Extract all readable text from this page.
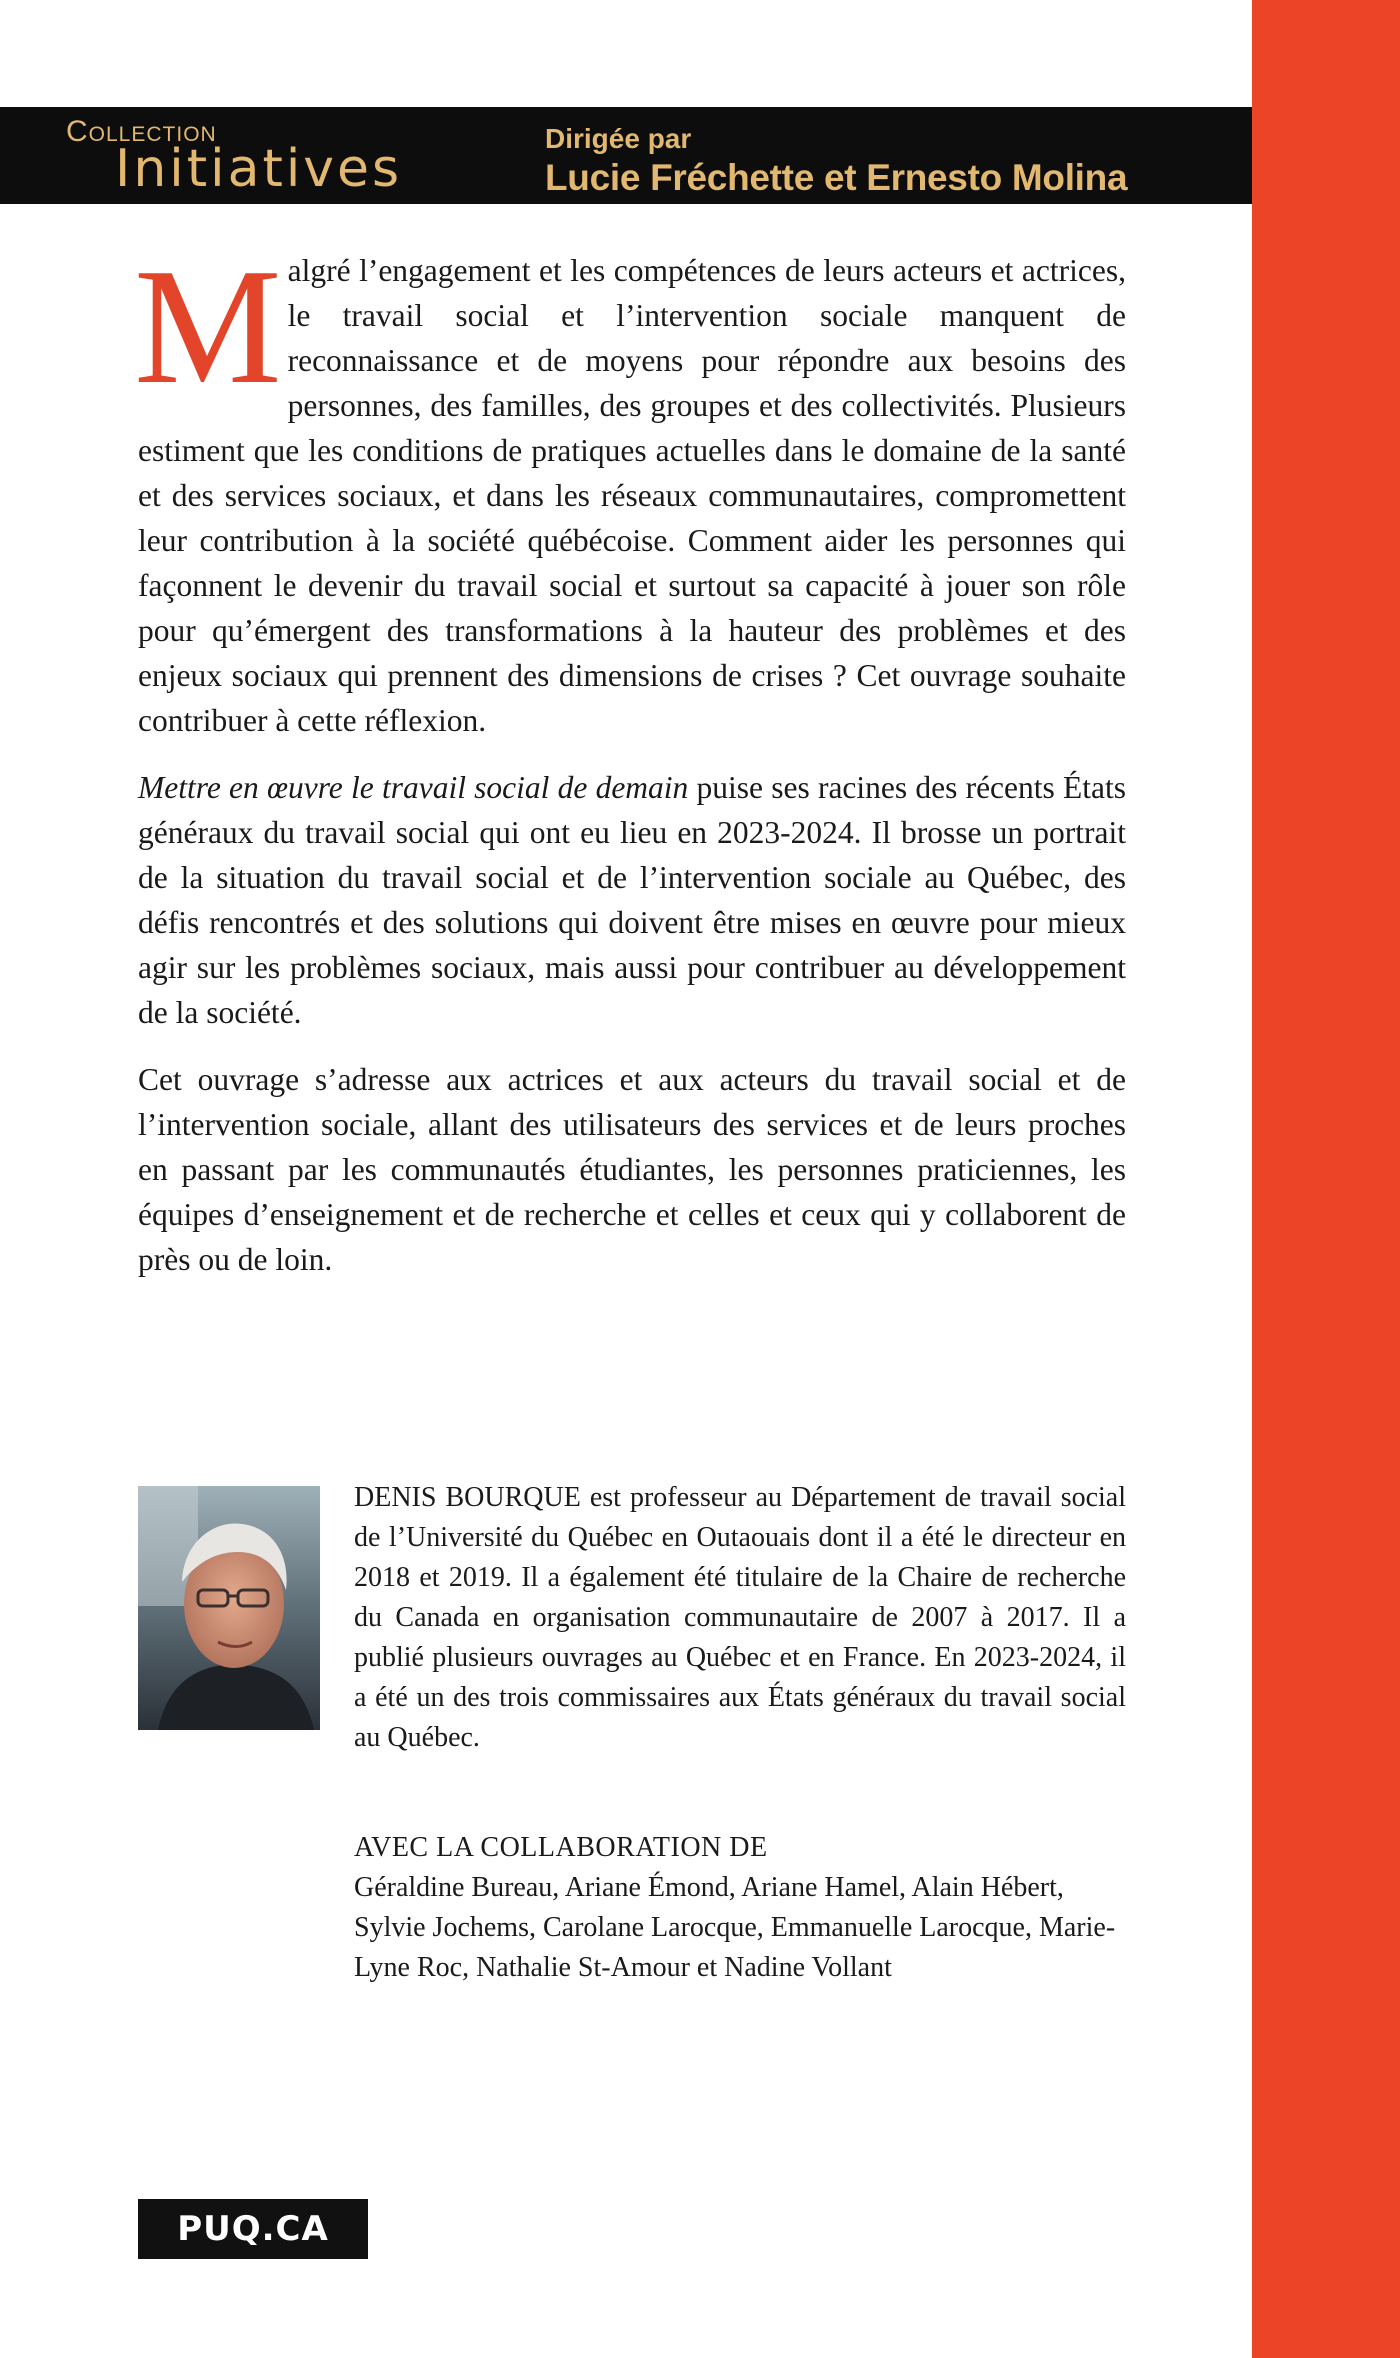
Collection
Initiatives
Dirigée par
Lucie Fréchette et Ernesto Molina

M algré l’engagement et les compétences de leurs acteurs et actrices, le travail social et l’intervention sociale manquent de reconnaissance et de moyens pour répondre aux besoins des personnes, des familles, des groupes et des collectivités. Plusieurs estiment que les conditions de pratiques actuelles dans le domaine de la santé et des services sociaux, et dans les réseaux communautaires, compromettent leur contribution à la société québécoise. Comment aider les personnes qui façonnent le devenir du travail social et surtout sa capacité à jouer son rôle pour qu’émergent des transformations à la hauteur des problèmes et des enjeux sociaux qui prennent des dimensions de crises ? Cet ouvrage souhaite contribuer à cette réflexion.

Mettre en œuvre le travail social de demain puise ses racines des récents États généraux du travail social qui ont eu lieu en 2023-2024. Il brosse un portrait de la situation du travail social et de l’intervention sociale au Québec, des défis rencontrés et des solutions qui doivent être mises en œuvre pour mieux agir sur les problèmes sociaux, mais aussi pour contribuer au développement de la société.

Cet ouvrage s’adresse aux actrices et aux acteurs du travail social et de l’intervention sociale, allant des utilisateurs des services et de leurs proches en passant par les communautés étudiantes, les personnes praticiennes, les équipes d’enseignement et de recherche et celles et ceux qui y collaborent de près ou de loin.

DENIS BOURQUE est professeur au Département de travail social de l’Université du Québec en Outaouais dont il a été le directeur en 2018 et 2019. Il a également été titulaire de la Chaire de recherche du Canada en organisation communautaire de 2007 à 2017. Il a publié plusieurs ouvrages au Québec et en France. En 2023-2024, il a été un des trois commissaires aux États généraux du travail social au Québec.

AVEC LA COLLABORATION DE
Géraldine Bureau, Ariane Émond, Ariane Hamel, Alain Hébert, Sylvie Jochems, Carolane Larocque, Emmanuelle Larocque, Marie-Lyne Roc, Nathalie St-Amour et Nadine Vollant
PUQ.CA
